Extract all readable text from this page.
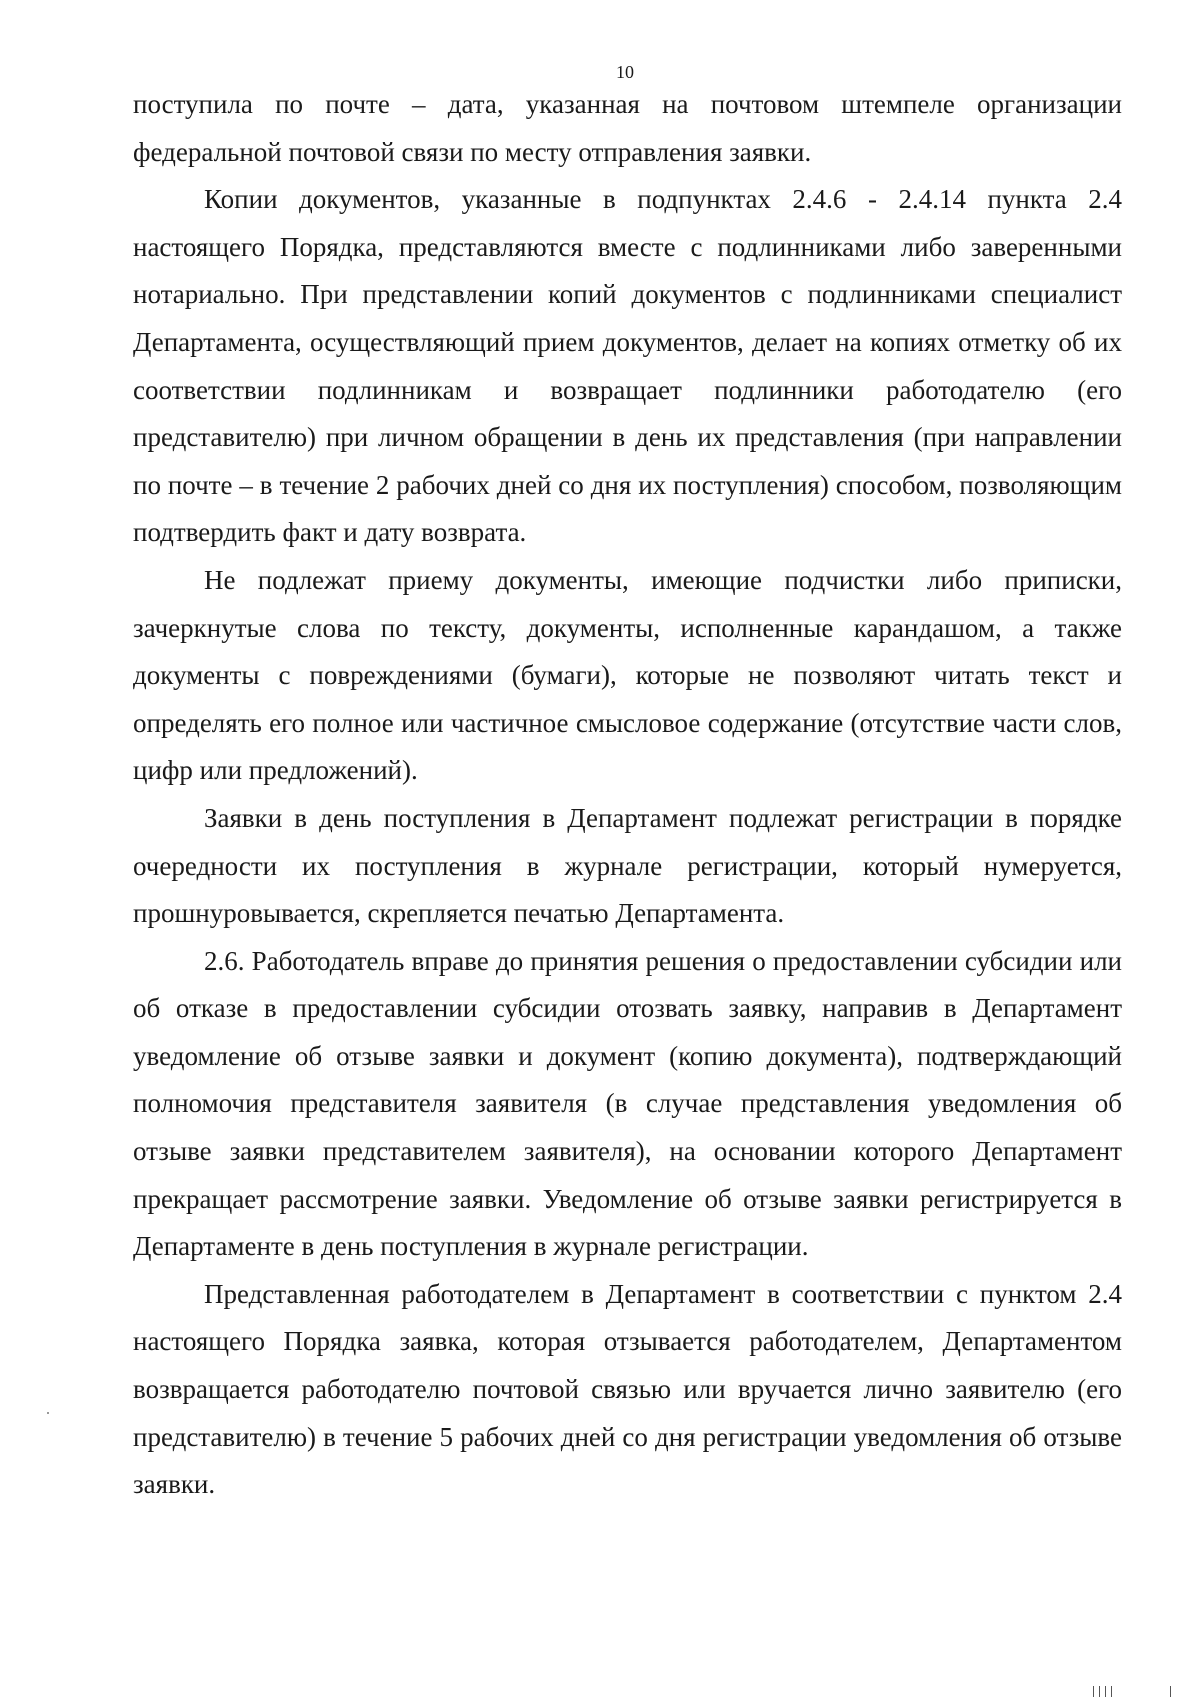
10

поступила по почте – дата, указанная на почтовом штемпеле организации федеральной почтовой связи по месту отправления заявки.

Копии документов, указанные в подпунктах 2.4.6 - 2.4.14 пункта 2.4 настоящего Порядка, представляются вместе с подлинниками либо заверенными нотариально. При представлении копий документов с подлинниками специалист Департамента, осуществляющий прием документов, делает на копиях отметку об их соответствии подлинникам и возвращает подлинники работодателю (его представителю) при личном обращении в день их представления (при направлении по почте – в течение 2 рабочих дней со дня их поступления) способом, позволяющим подтвердить факт и дату возврата.

Не подлежат приему документы, имеющие подчистки либо приписки, зачеркнутые слова по тексту, документы, исполненные карандашом, а также документы с повреждениями (бумаги), которые не позволяют читать текст и определять его полное или частичное смысловое содержание (отсутствие части слов, цифр или предложений).

Заявки в день поступления в Департамент подлежат регистрации в порядке очередности их поступления в журнале регистрации, который нумеруется, прошнуровывается, скрепляется печатью Департамента.

2.6. Работодатель вправе до принятия решения о предоставлении субсидии или об отказе в предоставлении субсидии отозвать заявку, направив в Департамент уведомление об отзыве заявки и документ (копию документа), подтверждающий полномочия представителя заявителя (в случае представления уведомления об отзыве заявки представителем заявителя), на основании которого Департамент прекращает рассмотрение заявки. Уведомление об отзыве заявки регистрируется в Департаменте в день поступления в журнале регистрации.

Представленная работодателем в Департамент в соответствии с пунктом 2.4 настоящего Порядка заявка, которая отзывается работодателем, Департаментом возвращается работодателю почтовой связью или вручается лично заявителю (его представителю) в течение 5 рабочих дней со дня регистрации уведомления об отзыве заявки.
